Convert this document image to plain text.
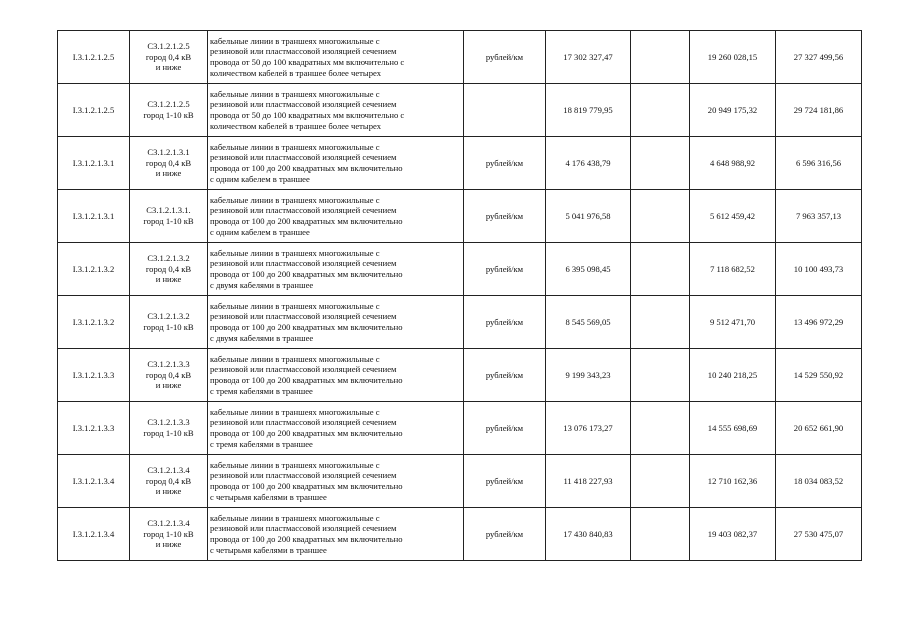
I.3.1.2.1.2.5	С3.1.2.1.2.5
город 0,4 кВ
и ниже	кабельные линии в траншеях многожильные с
резиновой или пластмассовой изоляцией сечением
провода от 50 до 100 квадратных мм включительно с
количеством кабелей в траншее более четырех	рублей/км	17 302 327,47		19 260 028,15	27 327 499,56
I.3.1.2.1.2.5	С3.1.2.1.2.5
город 1-10 кВ	кабельные линии в траншеях многожильные с
резиновой или пластмассовой изоляцией сечением
провода от 50 до 100 квадратных мм включительно с
количеством кабелей в траншее более четырех		18 819 779,95		20 949 175,32	29 724 181,86
I.3.1.2.1.3.1	С3.1.2.1.3.1
город 0,4 кВ
и ниже	кабельные линии в траншеях многожильные с
резиновой или пластмассовой изоляцией сечением
провода от 100 до 200 квадратных мм включительно
с одним кабелем в траншее	рублей/км	4 176 438,79		4 648 988,92	6 596 316,56
I.3.1.2.1.3.1	С3.1.2.1.3.1.
город 1-10 кВ	кабельные линии в траншеях многожильные с
резиновой или пластмассовой изоляцией сечением
провода от 100 до 200 квадратных мм включительно
с одним кабелем в траншее	рублей/км	5 041 976,58		5 612 459,42	7 963 357,13
I.3.1.2.1.3.2	С3.1.2.1.3.2
город 0,4 кВ
и ниже	кабельные линии в траншеях многожильные с
резиновой или пластмассовой изоляцией сечением
провода от 100 до 200 квадратных мм включительно
с двумя кабелями в траншее	рублей/км	6 395 098,45		7 118 682,52	10 100 493,73
I.3.1.2.1.3.2	С3.1.2.1.3.2
город 1-10 кВ	кабельные линии в траншеях многожильные с
резиновой или пластмассовой изоляцией сечением
провода от 100 до 200 квадратных мм включительно
с двумя кабелями в траншее	рублей/км	8 545 569,05		9 512 471,70	13 496 972,29
I.3.1.2.1.3.3	С3.1.2.1.3.3
город 0,4 кВ
и ниже	кабельные линии в траншеях многожильные с
резиновой или пластмассовой изоляцией сечением
провода от 100 до 200 квадратных мм включительно
с тремя кабелями в траншее	рублей/км	9 199 343,23		10 240 218,25	14 529 550,92
I.3.1.2.1.3.3	С3.1.2.1.3.3
город 1-10 кВ	кабельные линии в траншеях многожильные с
резиновой или пластмассовой изоляцией сечением
провода от 100 до 200 квадратных мм включительно
с тремя кабелями в траншее	рублей/км	13 076 173,27		14 555 698,69	20 652 661,90
I.3.1.2.1.3.4	С3.1.2.1.3.4
город 0,4 кВ
и ниже	кабельные линии в траншеях многожильные с
резиновой или пластмассовой изоляцией сечением
провода от 100 до 200 квадратных мм включительно
с четырьмя кабелями в траншее	рублей/км	11 418 227,93		12 710 162,36	18 034 083,52
I.3.1.2.1.3.4	С3.1.2.1.3.4
город 1-10 кВ
и ниже	кабельные линии в траншеях многожильные с
резиновой или пластмассовой изоляцией сечением
провода от 100 до 200 квадратных мм включительно
с четырьмя кабелями в траншее	рублей/км	17 430 840,83		19 403 082,37	27 530 475,07
